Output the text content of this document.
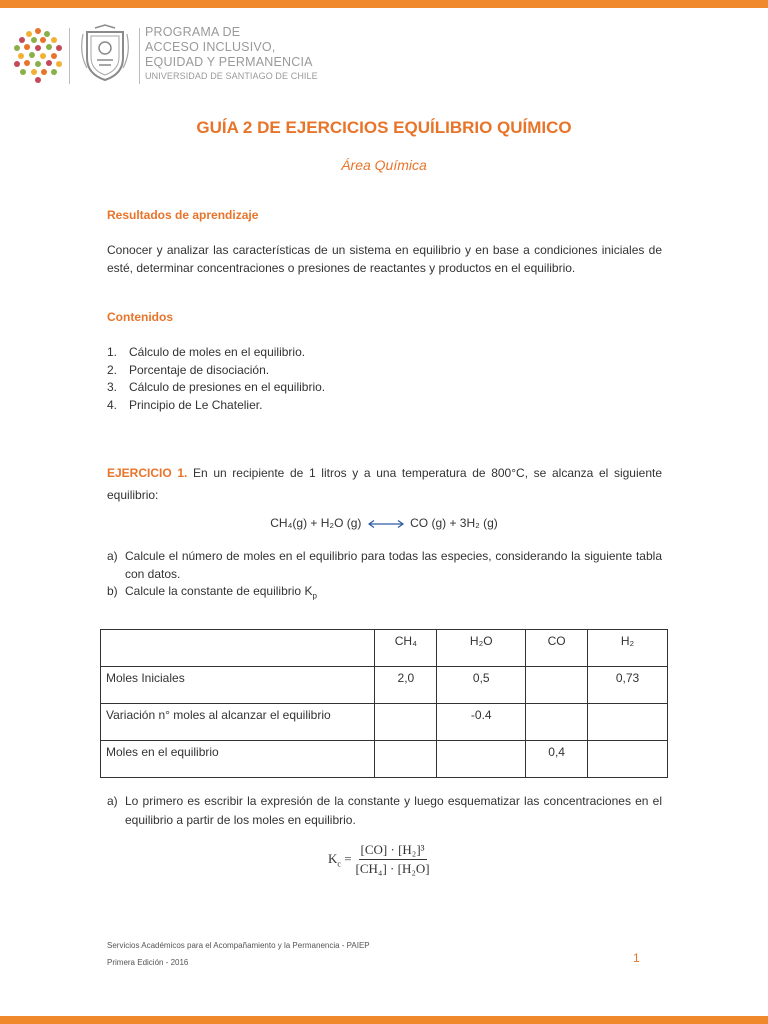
PROGRAMA DE
ACCESO INCLUSIVO,
EQUIDAD Y PERMANENCIA
UNIVERSIDAD DE SANTIAGO DE CHILE
GUÍA 2 DE EJERCICIOS EQUÍLIBRIO QUÍMICO
Área Química
Resultados de aprendizaje
Conocer y analizar las características de un sistema en equilibrio y en base a condiciones iniciales de esté, determinar concentraciones o presiones de reactantes y productos en el equilibrio.
Contenidos
1. Cálculo de moles en el equilibrio.
2. Porcentaje de disociación.
3. Cálculo de presiones en el equilibrio.
4. Principio de Le Chatelier.
EJERCICIO 1. En un recipiente de 1 litros y a una temperatura de 800°C, se alcanza el siguiente equilibrio:
CH₄(g) + H₂O (g)	CO (g) + 3H₂ (g)
a) Calcule el número de moles en el equilibrio para todas las especies, considerando la siguiente tabla con datos.
b) Calcule la constante de equilibrio $K_p$
	CH₄	H₂O	CO	H₂
Moles Iniciales	2,0	0,5		0,73
Variación n° moles al alcanzar el equilibrio		-0.4		
Moles en el equilibrio			0,4	
a) Lo primero es escribir la expresión de la constante y luego esquematizar las concentraciones en el equilibrio a partir de los moles en equilibrio.
$K_c = \frac{\text{[CO] · [H₂]³}}{\text{[CH₄] · [H₂O]}}$
Servicios Académicos para el Acompañamiento y la Permanencia - PAIEP
Primera Edición - 2016	1
